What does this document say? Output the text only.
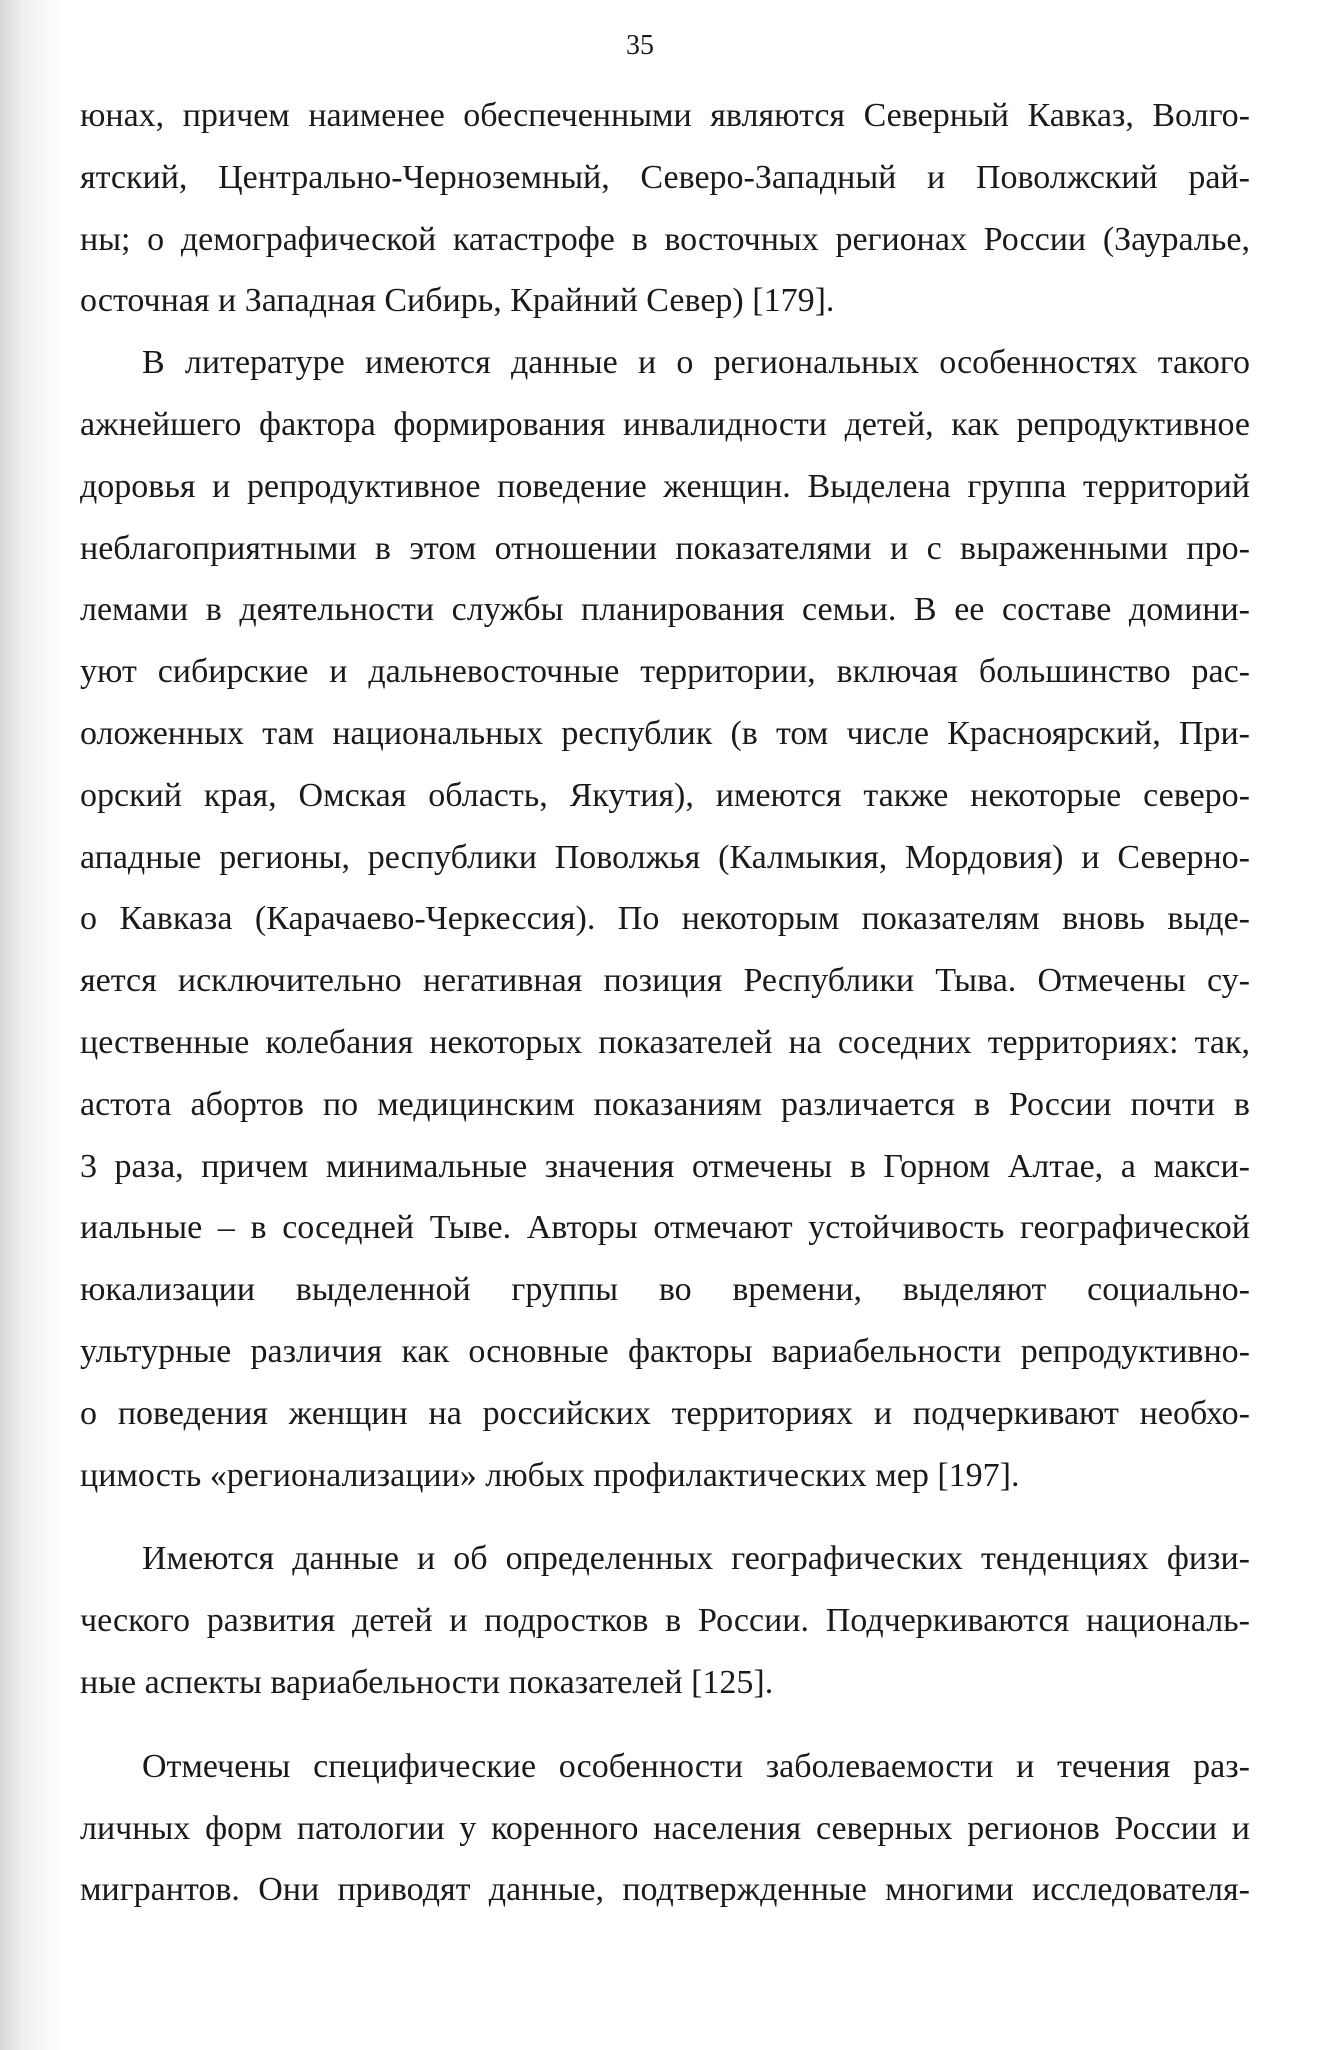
35
юнах, причем наименее обеспеченными являются Северный Кавказ, Волго-
ятский, Центрально-Черноземный, Северо-Западный и Поволжский рай-
ны; о демографической катастрофе в восточных регионах России (Зауралье,
осточная и Западная Сибирь, Крайний Север) [179].
В литературе имеются данные и о региональных особенностях такого
ажнейшего фактора формирования инвалидности детей, как репродуктивное
доровья и репродуктивное поведение женщин. Выделена группа территорий
неблагоприятными в этом отношении показателями и с выраженными про-
лемами в деятельности службы планирования семьи. В ее составе домини-
уют сибирские и дальневосточные территории, включая большинство рас-
оложенных там национальных республик (в том числе Красноярский, При-
орский края, Омская область, Якутия), имеются также некоторые северо-
ападные регионы, республики Поволжья (Калмыкия, Мордовия) и Северно-
о Кавказа (Карачаево-Черкессия). По некоторым показателям вновь выде-
яется исключительно негативная позиция Республики Тыва. Отмечены су-
цественные колебания некоторых показателей на соседних территориях: так,
астота абортов по медицинским показаниям различается в России почти в
3 раза, причем минимальные значения отмечены в Горном Алтае, а макси-
иальные – в соседней Тыве. Авторы отмечают устойчивость географической
юкализации выделенной группы во времени, выделяют социально-
ультурные различия как основные факторы вариабельности репродуктивно-
о поведения женщин на российских территориях и подчеркивают необхо-
цимость «регионализации» любых профилактических мер [197].
Имеются данные и об определенных географических тенденциях физи-
ческого развития детей и подростков в России. Подчеркиваются националь-
ные аспекты вариабельности показателей [125].
Отмечены специфические особенности заболеваемости и течения раз-
личных форм патологии у коренного населения северных регионов России и
мигрантов. Они приводят данные, подтвержденные многими исследователя-
